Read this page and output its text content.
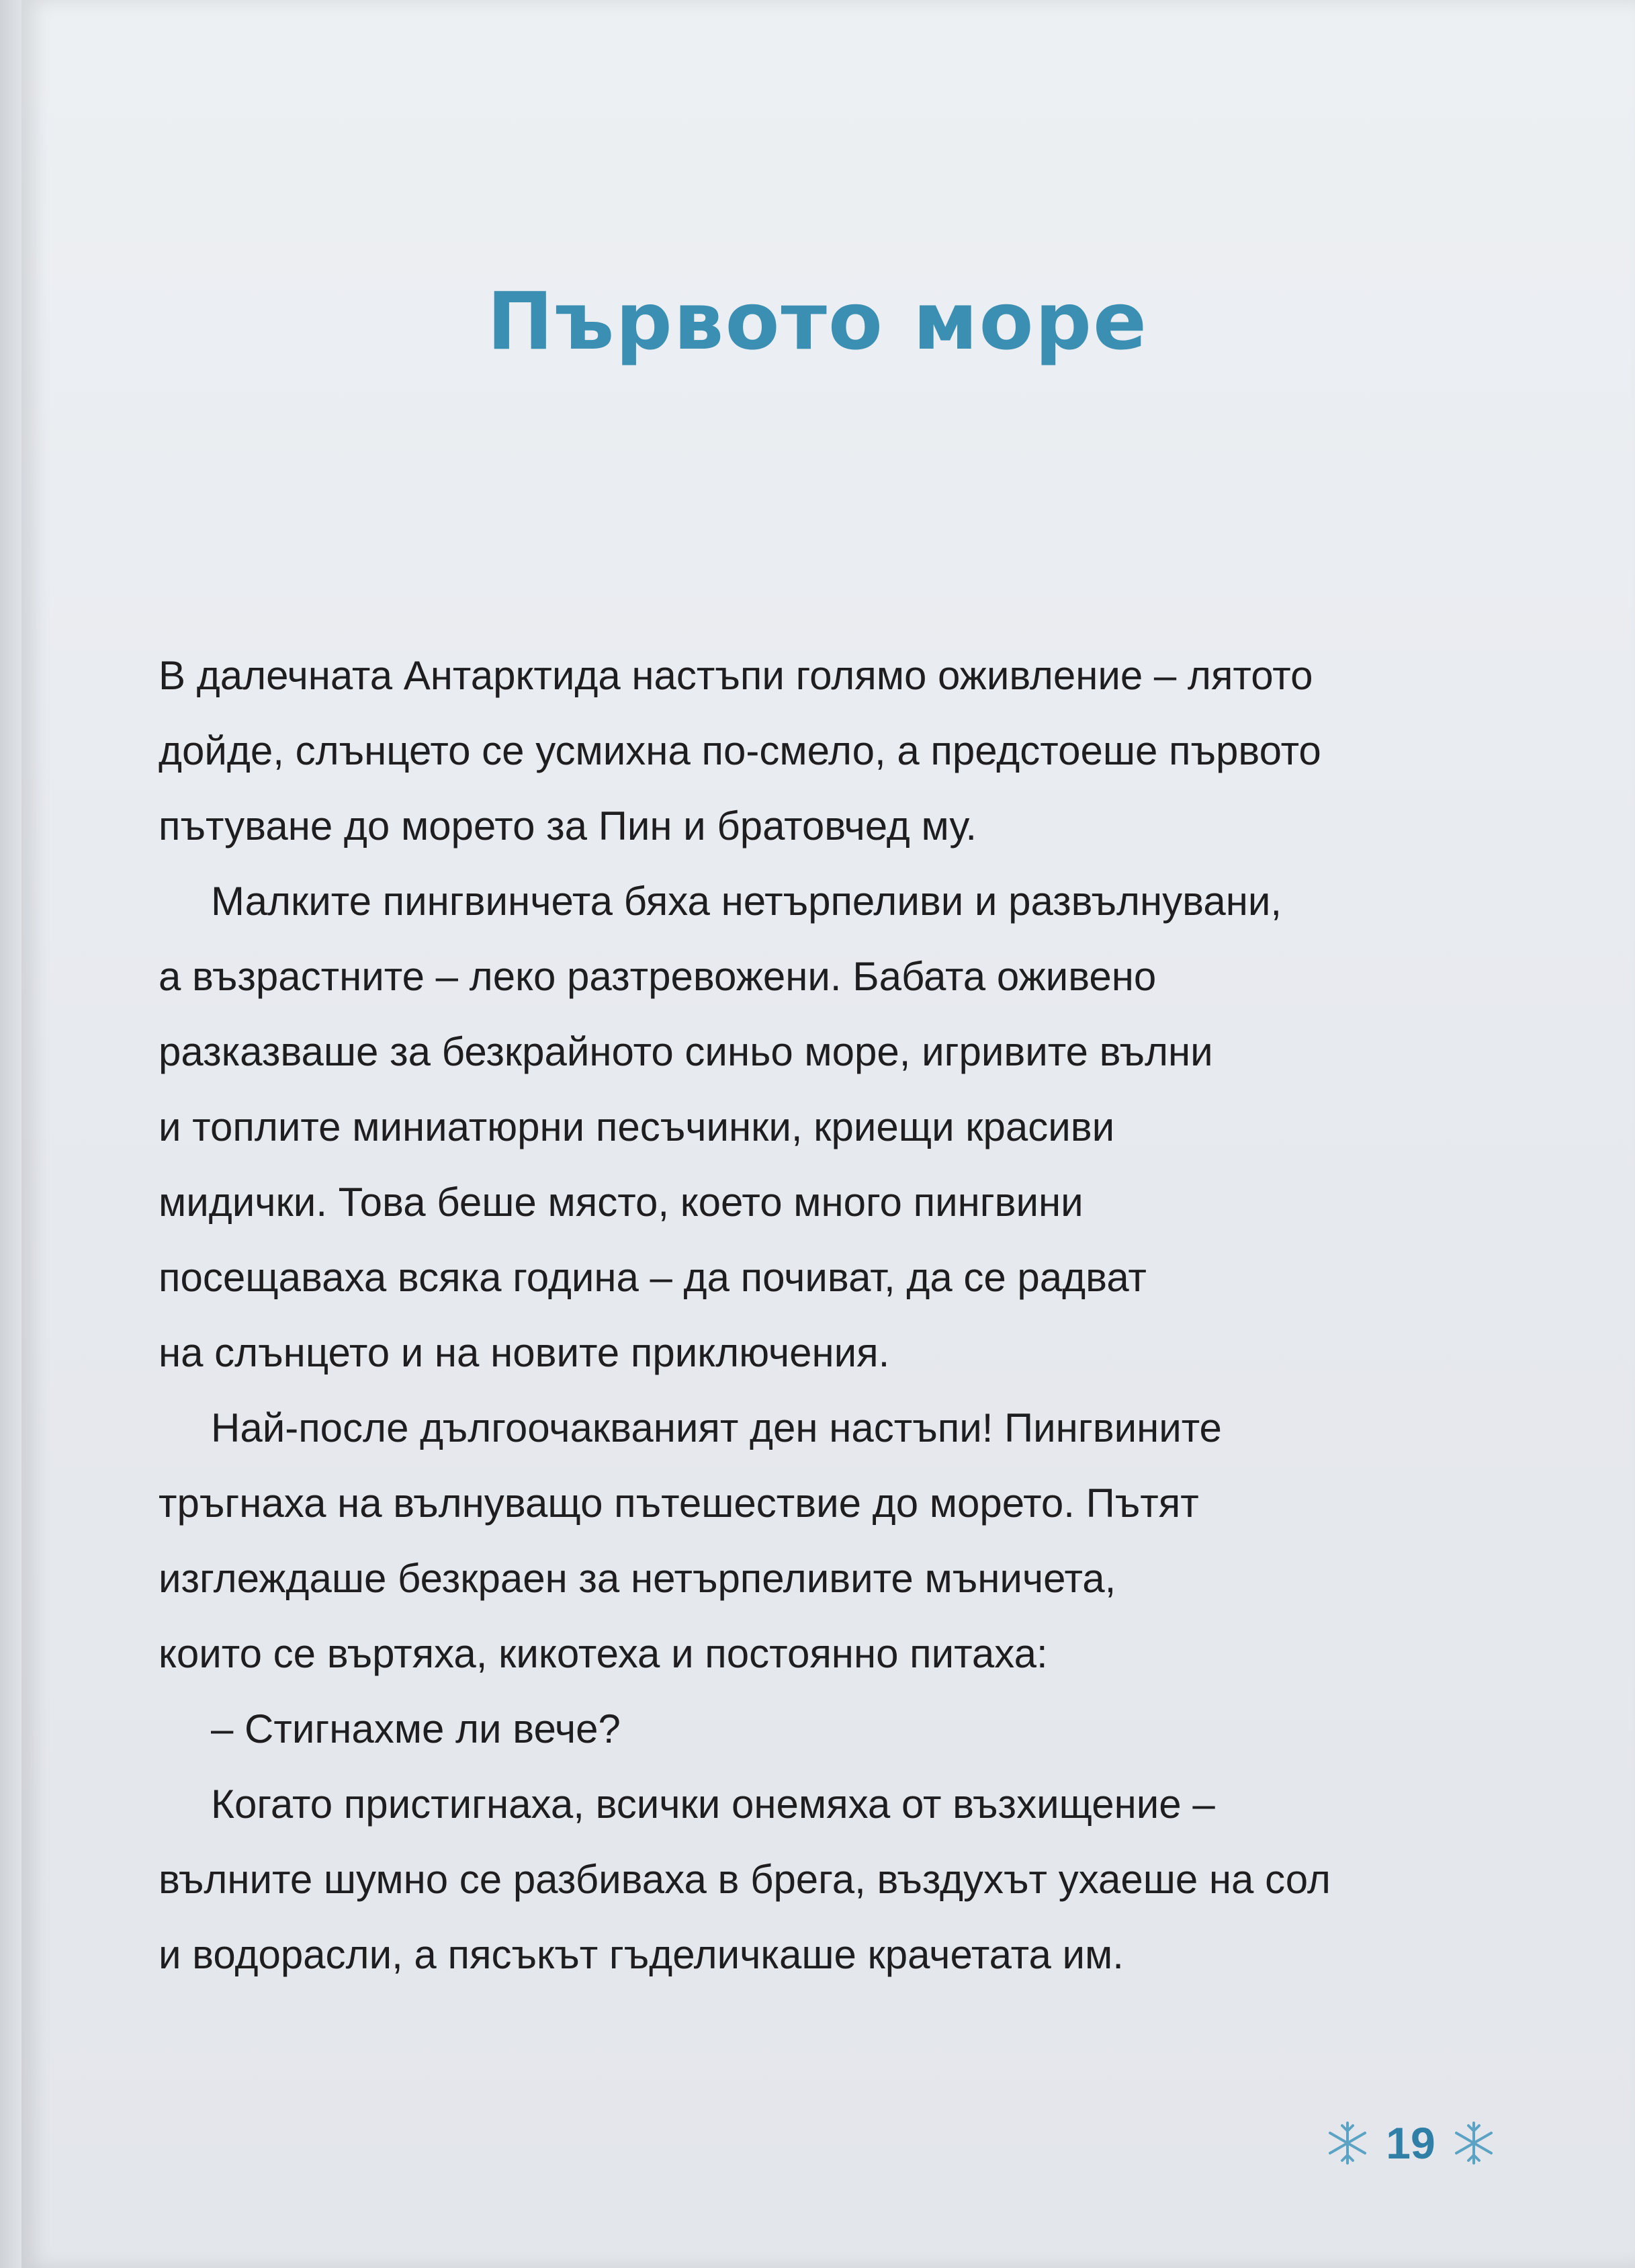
Първото море

В далечната Антарктида настъпи голямо оживление – лятото
дойде, слънцето се усмихна по-смело, а предстоеше първото
пътуване до морето за Пин и братовчед му.

Малките пингвинчета бяха нетърпеливи и развълнувани,
а възрастните – леко разтревожени. Бабата оживено
разказваше за безкрайното синьо море, игривите вълни
и топлите миниатюрни песъчинки, криещи красиви
мидички. Това беше място, което много пингвини
посещаваха всяка година – да почиват, да се радват
на слънцето и на новите приключения.

Най-после дългоочакваният ден настъпи! Пингвините
тръгнаха на вълнуващо пътешествие до морето. Пътят
изглеждаше безкраен за нетърпеливите мъничета,
които се въртяха, кикотеха и постоянно питаха:

– Стигнахме ли вече?

Когато пристигнаха, всички онемяха от възхищение –
вълните шумно се разбиваха в брега, въздухът ухаеше на сол
и водорасли, а пясъкът гъделичкаше крачетата им.

19
